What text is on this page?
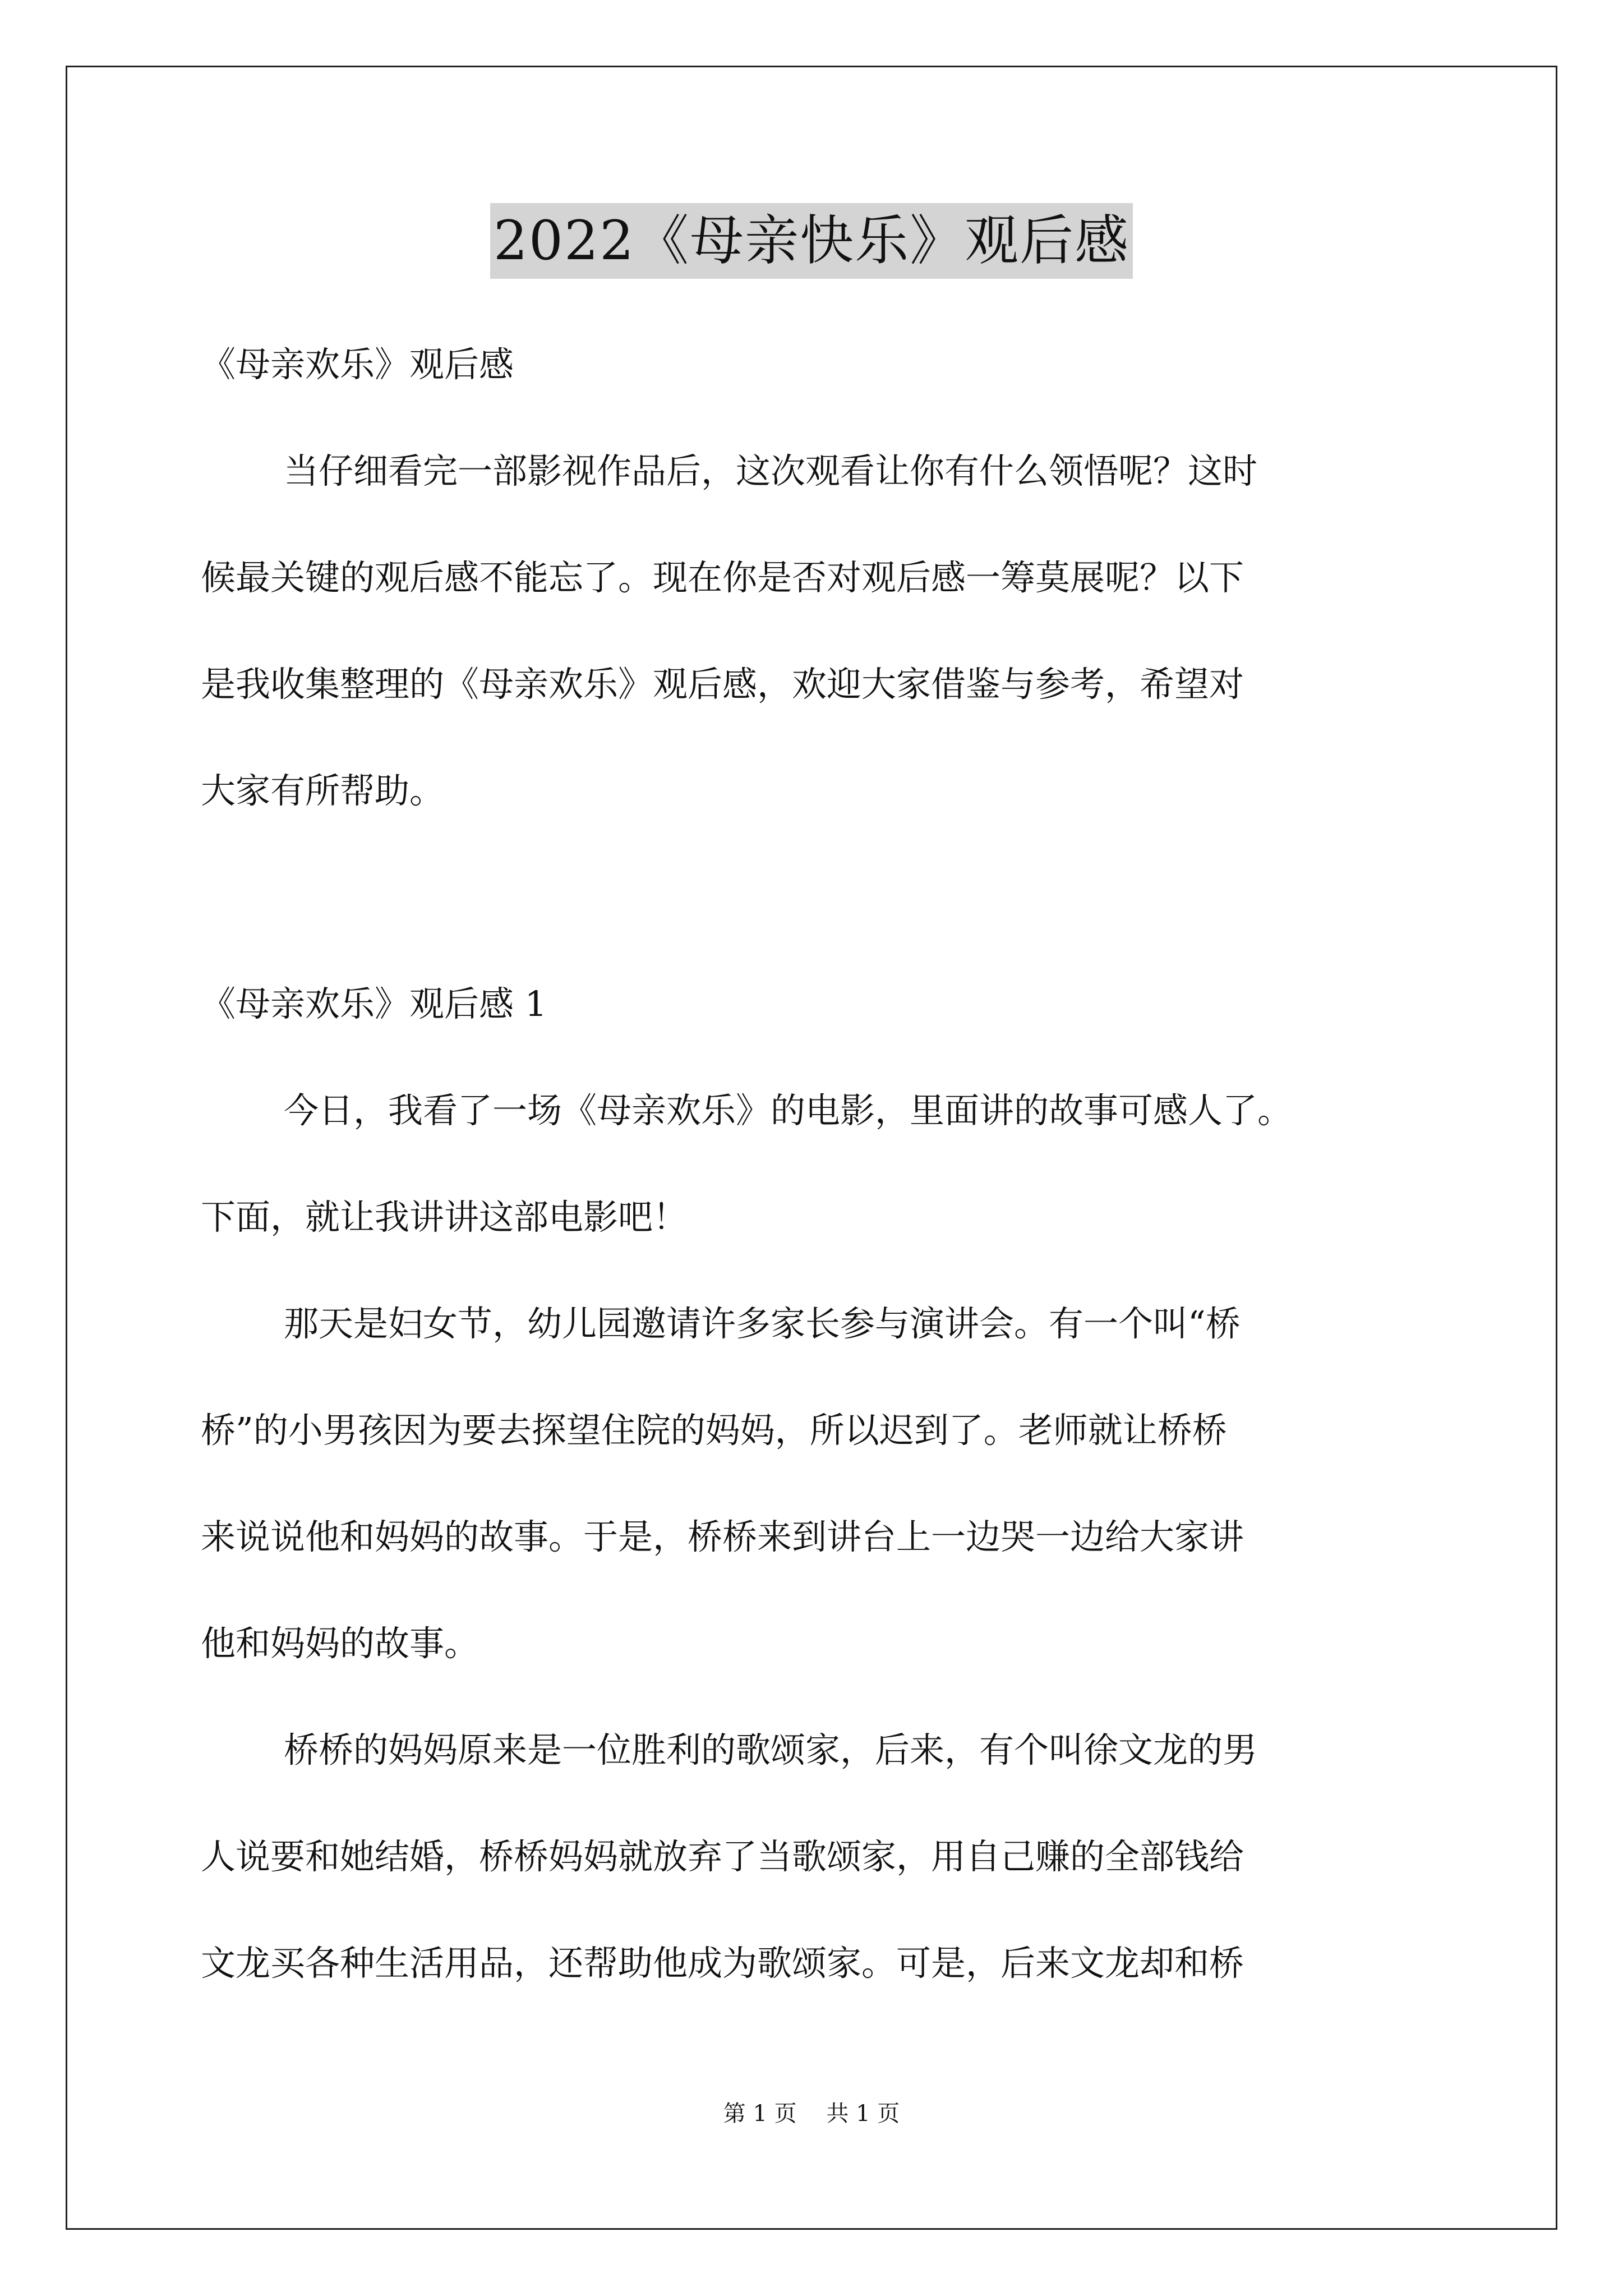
2022《母亲快乐》观后感

《母亲欢乐》观后感

当仔细看完一部影视作品后，这次观看让你有什么领悟呢？这时

候最关键的观后感不能忘了。现在你是否对观后感一筹莫展呢？以下

是我收集整理的《母亲欢乐》观后感，欢迎大家借鉴与参考，希望对

大家有所帮助。

《母亲欢乐》观后感 1

今日，我看了一场《母亲欢乐》的电影，里面讲的故事可感人了。

下面，就让我讲讲这部电影吧！

那天是妇女节，幼儿园邀请许多家长参与演讲会。有一个叫“桥

桥”的小男孩因为要去探望住院的妈妈，所以迟到了。老师就让桥桥

来说说他和妈妈的故事。于是，桥桥来到讲台上一边哭一边给大家讲

他和妈妈的故事。

桥桥的妈妈原来是一位胜利的歌颂家，后来，有个叫徐文龙的男

人说要和她结婚，桥桥妈妈就放弃了当歌颂家，用自己赚的全部钱给

文龙买各种生活用品，还帮助他成为歌颂家。可是，后来文龙却和桥

第 1 页 共 1 页
